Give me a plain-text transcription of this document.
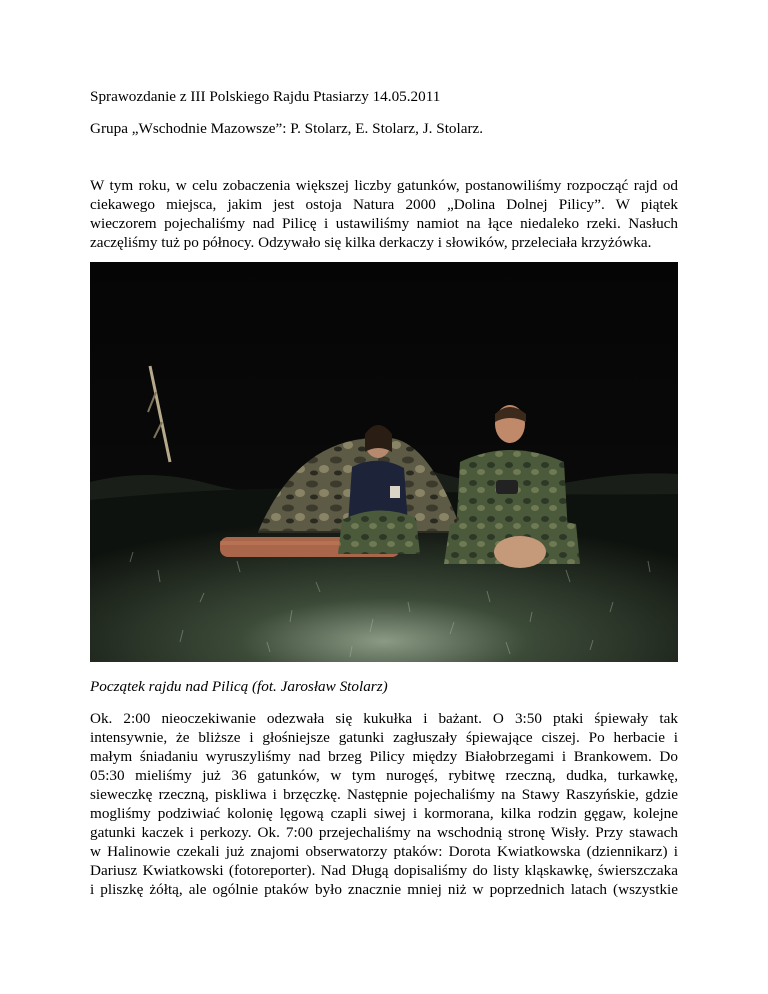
Sprawozdanie z III Polskiego Rajdu Ptasiarzy 14.05.2011
Grupa „Wschodnie Mazowsze”: P. Stolarz, E. Stolarz, J. Stolarz.
W tym roku, w celu zobaczenia większej liczby gatunków, postanowiliśmy rozpocząć rajd od
ciekawego miejsca, jakim jest ostoja Natura 2000 „Dolina Dolnej Pilicy”. W piątek
wieczorem pojechaliśmy nad Pilicę i ustawiliśmy namiot na łące niedaleko rzeki. Nasłuch
zaczęliśmy tuż po północy. Odzywało się kilka derkaczy i słowików, przeleciała krzyżówka.
Początek rajdu nad Pilicą (fot. Jarosław Stolarz)
Ok. 2:00 nieoczekiwanie odezwała się kukułka i bażant. O 3:50 ptaki śpiewały tak
intensywnie, że bliższe i głośniejsze gatunki zagłuszały śpiewające ciszej. Po herbacie i
małym śniadaniu wyruszyliśmy nad brzeg Pilicy między Białobrzegami i Brankowem. Do
05:30 mieliśmy już 36 gatunków, w tym nurogęś, rybitwę rzeczną, dudka, turkawkę,
sieweczkę rzeczną, piskliwa i brzęczkę. Następnie pojechaliśmy na Stawy Raszyńskie, gdzie
mogliśmy podziwiać kolonię lęgową czapli siwej i kormorana, kilka rodzin gęgaw, kolejne
gatunki kaczek i perkozy. Ok. 7:00 przejechaliśmy na wschodnią stronę Wisły. Przy stawach
w Halinowie czekali już znajomi obserwatorzy ptaków: Dorota Kwiatkowska (dziennikarz) i
Dariusz Kwiatkowski (fotoreporter). Nad Długą dopisaliśmy do listy kląskawkę, świerszczaka
i pliszkę żółtą, ale ogólnie ptaków było znacznie mniej niż w poprzednich latach (wszystkie
